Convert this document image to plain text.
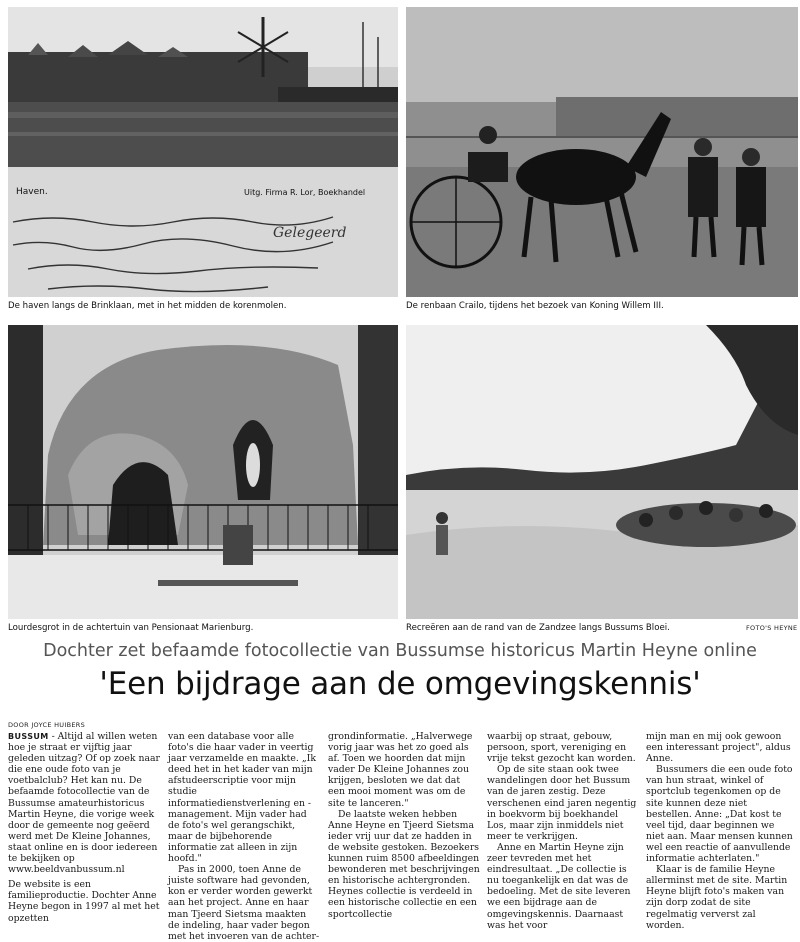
Gelegeerd
Haven.	Uitg. Firma R. Lor, Boekhandel
De haven langs de Brinklaan, met in het midden de korenmolen.	De renbaan Crailo, tijdens het bezoek van Koning Willem III.
Lourdesgrot in de achtertuin van Pensionaat Marienburg.	Recreëren aan de rand van de Zandzee langs Bussums Bloei.	FOTO'S HEYNE
Dochter zet befaamde fotocollectie van Bussumse historicus Martin Heyne online
'Een bijdrage aan de omgevingskennis'
DOOR JOYCE HUIBERS

BUSSUM - Altijd al willen weten hoe je straat er vijftig jaar geleden uitzag? Of op zoek naar die ene oude foto van je voetbalclub? Het kan nu. De befaamde fotocollectie van de Bussumse amateurhistoricus Martin Heyne, die vorige week door de gemeente nog geëerd werd met De Kleine Johannes, staat online en is door iedereen te bekijken op www.beeldvanbussum.nl

De website is een familieproductie. Dochter Anne Heyne begon in 1997 al met het opzetten

van een database voor alle foto's die haar vader in veertig jaar verzamelde en maakte. „Ik deed het in het kader van mijn afstudeerscriptie voor mijn studie informatiedienstverlening en -management. Mijn vader had de foto's wel gerangschikt, maar de bijbehorende informatie zat alleen in zijn hoofd."

Pas in 2000, toen Anne de juiste software had gevonden, kon er verder worden gewerkt aan het project. Anne en haar man Tjeerd Sietsma maakten de indeling, haar vader begon met het invoeren van de achter-

grondinformatie. „Halverwege vorig jaar was het zo goed als af. Toen we hoorden dat mijn vader De Kleine Johannes zou krijgen, besloten we dat dat een mooi moment was om de site te lanceren."

De laatste weken hebben Anne Heyne en Tjeerd Sietsma ieder vrij uur dat ze hadden in de website gestoken. Bezoekers kunnen ruim 8500 afbeeldingen bewonderen met beschrijvingen en historische achtergronden. Heynes collectie is verdeeld in een historische collectie en een sportcollectie

waarbij op straat, gebouw, persoon, sport, vereniging en vrije tekst gezocht kan worden.

Op de site staan ook twee wandelingen door het Bussum van de jaren zestig. Deze verschenen eind jaren negentig in boekvorm bij boekhandel Los, maar zijn inmiddels niet meer te verkrijgen.

Anne en Martin Heyne zijn zeer tevreden met het eindresultaat. „De collectie is nu toegankelijk en dat was de bedoeling. Met de site leveren we een bijdrage aan de omgevingskennis. Daarnaast was het voor

mijn man en mij ook gewoon een interessant project", aldus Anne.

Bussumers die een oude foto van hun straat, winkel of sportclub tegenkomen op de site kunnen deze niet bestellen. Anne: „Dat kost te veel tijd, daar beginnen we niet aan. Maar mensen kunnen wel een reactie of aanvullende informatie achterlaten."

Klaar is de familie Heyne allerminst met de site. Martin Heyne blijft foto's maken van zijn dorp zodat de site regelmatig ververst zal worden.
